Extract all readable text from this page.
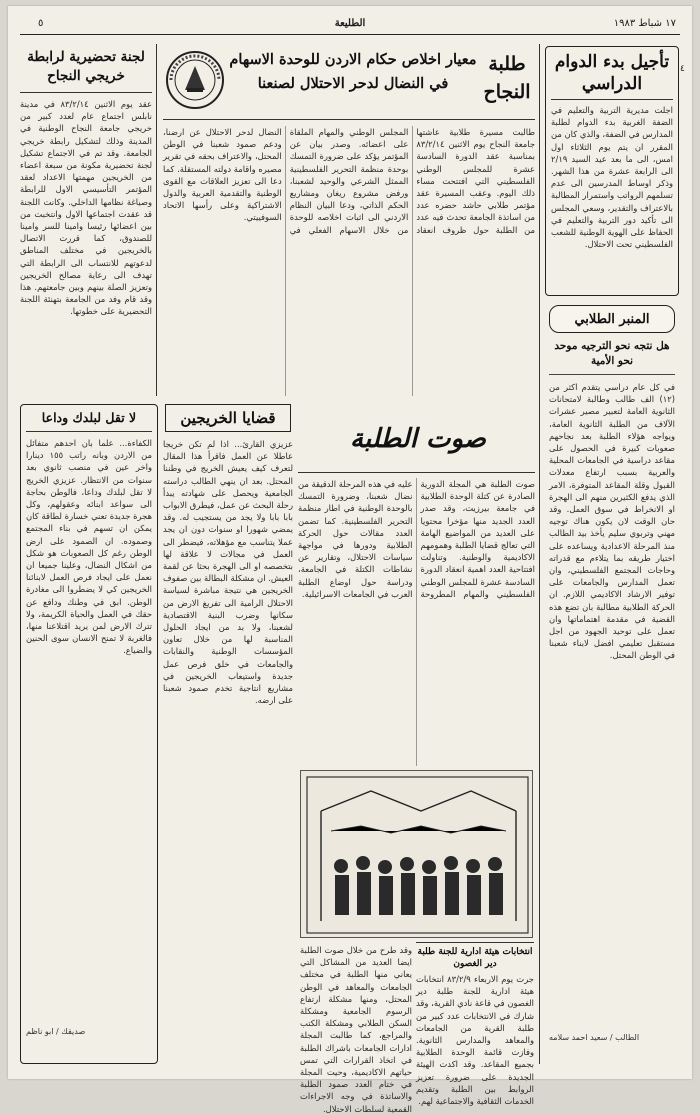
١٧ شباط ١٩٨٣
الطليعة
٥
٤
تأجيل بدء الدوام الدراسي
اجلت مديرية التربية والتعليم في الضفة الغربية بدء الدوام لطلبة المدارس في الضفة، والذي كان من المقرر ان يتم يوم الثلاثاء اول امس، الى ما بعد عيد السيد ٢/١٩ الى الرابعة عشرة من هذا الشهر. وذكر اوساط المدرسين الى عدم تسلمهم الرواتب واستمرار المطالبة بالاعتراف والتقدير، وسعي المجلس الى تأكيد دور التربية والتعليم في الحفاظ على الهوية الوطنية للشعب الفلسطيني تحت الاحتلال.
المنبر الطلابي
هل نتجه نحو الترجيه موحد نحو الأمية
في كل عام دراسي يتقدم اكثر من (١٢) الف طالب وطالبة لامتحانات الثانوية العامة لتعبير مصير عشرات الآلاف من الطلبة الثانوية العامة، ويواجه هؤلاء الطلبة بعد نجاحهم صعوبات كبيرة في الحصول على مقاعد دراسية في الجامعات المحلية والعربية بسبب ارتفاع معدلات القبول وقلة المقاعد المتوفرة، الامر الذي يدفع الكثيرين منهم الى الهجرة او الانخراط في سوق العمل. وقد حان الوقت لان يكون هناك توجيه مهني وتربوي سليم يأخذ بيد الطالب منذ المرحلة الاعدادية ويساعده على اختيار طريقه بما يتلاءم مع قدراته وحاجات المجتمع الفلسطيني، وان تعمل المدارس والجامعات على توفير الارشاد الاكاديمي اللازم. ان الحركة الطلابية مطالبة بان تضع هذه القضية في مقدمة اهتماماتها وان تعمل على توحيد الجهود من اجل مستقبل تعليمي افضل لابناء شعبنا في الوطن المحتل.
الطالب / سعيد احمد سلامه
لجنة تحضيرية لرابطة خريجي النجاح
عقد يوم الاثنين ٨٣/٢/١٤ في مدينة نابلس اجتماع عام لعدد كبير من خريجي جامعة النجاح الوطنية في المدينة وذلك لتشكيل رابطة خريجي الجامعة. وقد تم في الاجتماع تشكيل لجنة تحضيرية مكونة من سبعة اعضاء من الخريجين مهمتها الاعداد لعقد المؤتمر التأسيسي الاول للرابطة وصياغة نظامها الداخلي. وكانت اللجنة قد عقدت اجتماعها الاول وانتخبت من بين اعضائها رئيسا وامينا للسر وامينا للصندوق، كما قررت الاتصال بالخريجين في مختلف المناطق لدعوتهم للانتساب الى الرابطة التي تهدف الى رعاية مصالح الخريجين وتعزيز الصلة بينهم وبين جامعتهم. هذا وقد قام وفد من الجامعة بتهنئة اللجنة التحضيرية على خطوتها.
معيار اخلاص حكام الاردن للوحدة الاسهام في النضال لدحر الاحتلال لصنعنا
طلبة النجاح
طالبت مسيرة طلابية عاشتها جامعة النجاح يوم الاثنين ٨٣/٢/١٤ بمناسبة عقد الدورة السادسة عشرة للمجلس الوطني الفلسطيني التي افتتحت مساء ذلك اليوم. وعقب المسيرة عقد مؤتمر طلابي حاشد حضره عدد من اساتذة الجامعة تحدث فيه عدد من الطلبة حول ظروف انعقاد المجلس الوطني والمهام الملقاة على اعضائه. وصدر بيان عن المؤتمر يؤكد على ضرورة التمسك بوحدة منظمة التحرير الفلسطينية الممثل الشرعي والوحيد لشعبنا، ورفض مشروع ريغان ومشاريع الحكم الذاتي، ودعا البيان النظام الاردني الى اثبات اخلاصه للوحدة من خلال الاسهام الفعلي في النضال لدحر الاحتلال عن ارضنا، ودعم صمود شعبنا في الوطن المحتل، والاعتراف بحقه في تقرير مصيره واقامة دولته المستقلة. كما دعا الى تعزيز العلاقات مع القوى الوطنية والتقدمية العربية والدول الاشتراكية وعلى رأسها الاتحاد السوفييتي.
صوت الطلبة
صوت الطلبة هي المجلة الدورية الصادرة عن كتلة الوحدة الطلابية في جامعة بيرزيت، وقد صدر العدد الجديد منها مؤخرا محتويا على العديد من المواضيع الهامة التي تعالج قضايا الطلبة وهمومهم الاكاديمية والوطنية. وتناولت افتتاحية العدد اهمية انعقاد الدورة السادسة عشرة للمجلس الوطني الفلسطيني والمهام المطروحة عليه في هذه المرحلة الدقيقة من نضال شعبنا، وضرورة التمسك بالوحدة الوطنية في اطار منظمة التحرير الفلسطينية. كما تضمن العدد مقالات حول الحركة الطلابية ودورها في مواجهة سياسات الاحتلال، وتقارير عن نشاطات الكتلة في الجامعة، ودراسة حول اوضاع الطلبة العرب في الجامعات الاسرائيلية.
قضايا الخريجين
عزيزي القارئ... اذا لم تكن خريجا عاطلا عن العمل فاقرأ هذا المقال لتعرف كيف يعيش الخريج في وطننا المحتل. بعد ان ينهي الطالب دراسته الجامعية ويحصل على شهادته يبدأ رحلة البحث عن عمل، فيطرق الابواب بابا بابا ولا يجد من يستجيب له. وقد يمضي شهورا او سنوات دون ان يجد عملا يتناسب مع مؤهلاته، فيضطر الى العمل في مجالات لا علاقة لها بتخصصه او الى الهجرة بحثا عن لقمة العيش. ان مشكلة البطالة بين صفوف الخريجين هي نتيجة مباشرة لسياسة الاحتلال الرامية الى تفريغ الارض من سكانها وضرب البنية الاقتصادية لشعبنا، ولا بد من ايجاد الحلول المناسبة لها من خلال تعاون المؤسسات الوطنية والنقابات والجامعات في خلق فرص عمل جديدة واستيعاب الخريجين في مشاريع انتاجية تخدم صمود شعبنا على ارضه.
لا تقل لبلدك وداعا
الكفاءة... علما بان احدهم متفائل من الاردن وبانه راتب ١٥٥ دينارا واخر عين في منصب ثانوي بعد سنوات من الانتظار. عزيزي الخريج لا تقل لبلدك وداعا، فالوطن بحاجة الى سواعد ابنائه وعقولهم، وكل هجرة جديدة تعني خسارة لطاقة كان يمكن ان تسهم في بناء المجتمع وصموده. ان الصمود على ارض الوطن رغم كل الصعوبات هو شكل من اشكال النضال، وعلينا جميعا ان نعمل على ايجاد فرص العمل لابنائنا الخريجين كي لا يضطروا الى مغادرة الوطن. ابق في وطنك ودافع عن حقك في العمل والحياة الكريمة، ولا تترك الارض لمن يريد اقتلاعنا منها، فالغربة لا تمنح الانسان سوى الحنين والضياع.
صديقك / ابو ناظم
انتخابات هيئة ادارية للجنة طلبة دير الغصون
جرت يوم الاربعاء ٨٣/٢/٩ انتخابات هيئة ادارية للجنة طلبة دير الغصون في قاعة نادي القرية، وقد شارك في الانتخابات عدد كبير من طلبة القرية من الجامعات والمعاهد والمدارس الثانوية. وفازت قائمة الوحدة الطلابية بجميع المقاعد. وقد اكدت الهيئة الجديدة على ضرورة تعزيز الروابط بين الطلبة وتقديم الخدمات الثقافية والاجتماعية لهم.
وقد طرح من خلال صوت الطلبة ايضا العديد من المشاكل التي يعاني منها الطلبة في مختلف الجامعات والمعاهد في الوطن المحتل، ومنها مشكلة ارتفاع الرسوم الجامعية ومشكلة السكن الطلابي ومشكلة الكتب والمراجع، كما طالبت المجلة ادارات الجامعات باشراك الطلبة في اتخاذ القرارات التي تمس حياتهم الاكاديمية، وحيت المجلة في ختام العدد صمود الطلبة والاساتذة في وجه الاجراءات القمعية لسلطات الاحتلال.
